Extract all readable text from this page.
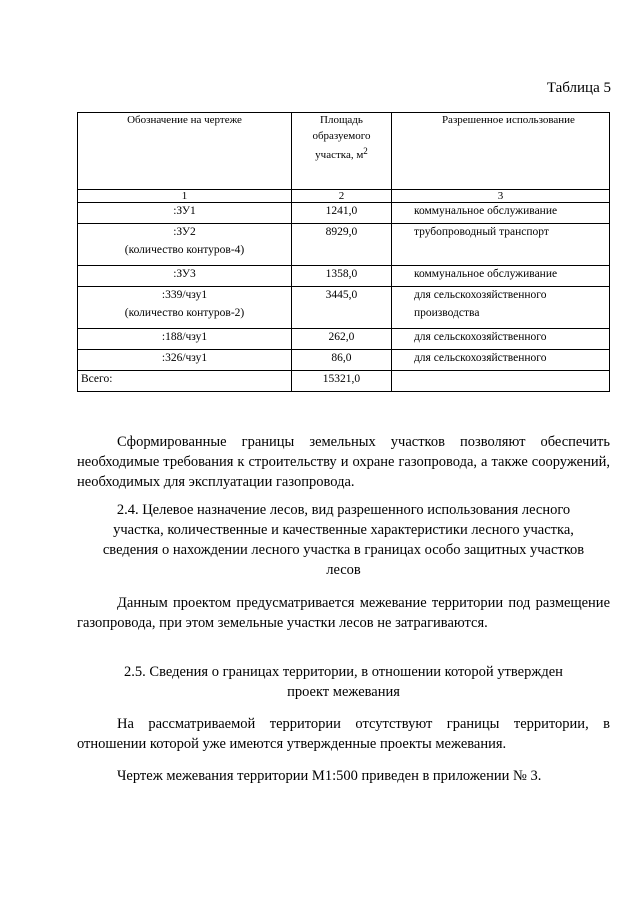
Таблица 5
Обозначение на чертеже	Площадь
образуемого
участка, $м^2$	Разрешенное использование
1	2	3
:ЗУ1	1241,0	коммунальное обслуживание
:ЗУ2
(количество контуров-4)	8929,0	трубопроводный транспорт
:ЗУ3	1358,0	коммунальное обслуживание
:339/чзу1
(количество контуров-2)	3445,0	для сельскохозяйственного производства
:188/чзу1	262,0	для сельскохозяйственного
:326/чзу1	86,0	для сельскохозяйственного
Всего:	15321,0	
Сформированные границы земельных участков позволяют обеспечить необходимые требования к строительству и охране газопровода, а также сооружений, необходимых для эксплуатации газопровода.
2.4. Целевое назначение лесов, вид разрешенного использования лесного участка, количественные и качественные характеристики лесного участка, сведения о нахождении лесного участка в границах особо защитных участков лесов
Данным проектом предусматривается межевание территории под размещение газопровода, при этом земельные участки лесов не затрагиваются.
2.5. Сведения о границах территории, в отношении которой утвержден проект межевания
На рассматриваемой территории отсутствуют границы территории, в отношении которой уже имеются утвержденные проекты межевания.
Чертеж межевания территории М1:500 приведен в приложении № 3.
